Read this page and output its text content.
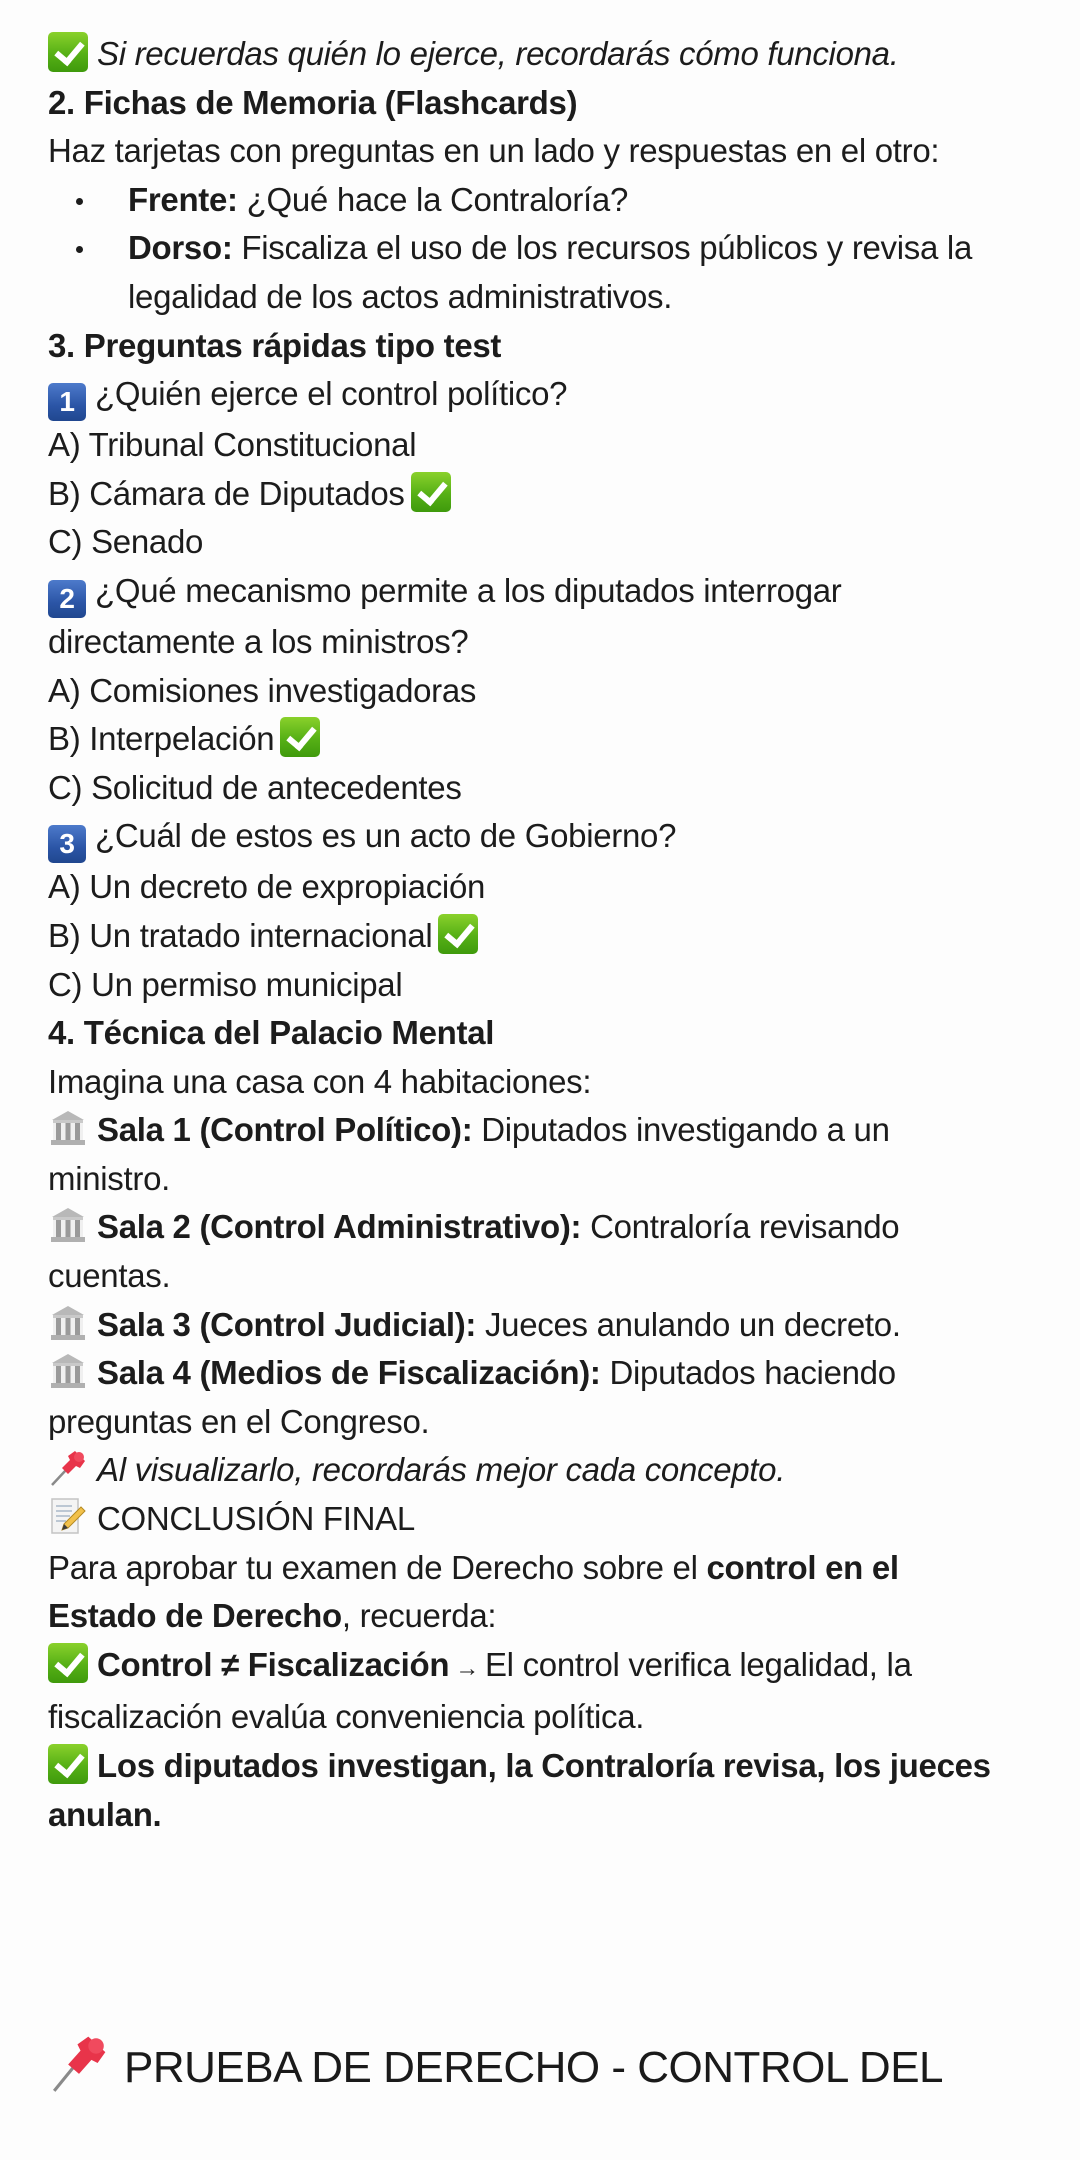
Si recuerdas quién lo ejerce, recordarás cómo funciona.
2. Fichas de Memoria (Flashcards)
Haz tarjetas con preguntas en un lado y respuestas en el otro:
Frente: ¿Qué hace la Contraloría?
Dorso: Fiscaliza el uso de los recursos públicos y revisa la legalidad de los actos administrativos.
3. Preguntas rápidas tipo test
1 ¿Quién ejerce el control político?
A) Tribunal Constitucional
B) Cámara de Diputados
C) Senado
2 ¿Qué mecanismo permite a los diputados interrogar
directamente a los ministros?
A) Comisiones investigadoras
B) Interpelación
C) Solicitud de antecedentes
3 ¿Cuál de estos es un acto de Gobierno?
A) Un decreto de expropiación
B) Un tratado internacional
C) Un permiso municipal
4. Técnica del Palacio Mental
Imagina una casa con 4 habitaciones:
Sala 1 (Control Político): Diputados investigando a un
ministro.
Sala 2 (Control Administrativo): Contraloría revisando
cuentas.
Sala 3 (Control Judicial): Jueces anulando un decreto.
Sala 4 (Medios de Fiscalización): Diputados haciendo
preguntas en el Congreso.
Al visualizarlo, recordarás mejor cada concepto.
CONCLUSIÓN FINAL
Para aprobar tu examen de Derecho sobre el control en el
Estado de Derecho, recuerda:
Control ≠ Fiscalización → El control verifica legalidad, la
fiscalización evalúa conveniencia política.
Los diputados investigan, la Contraloría revisa, los jueces
anulan.
PRUEBA DE DERECHO - CONTROL DEL
